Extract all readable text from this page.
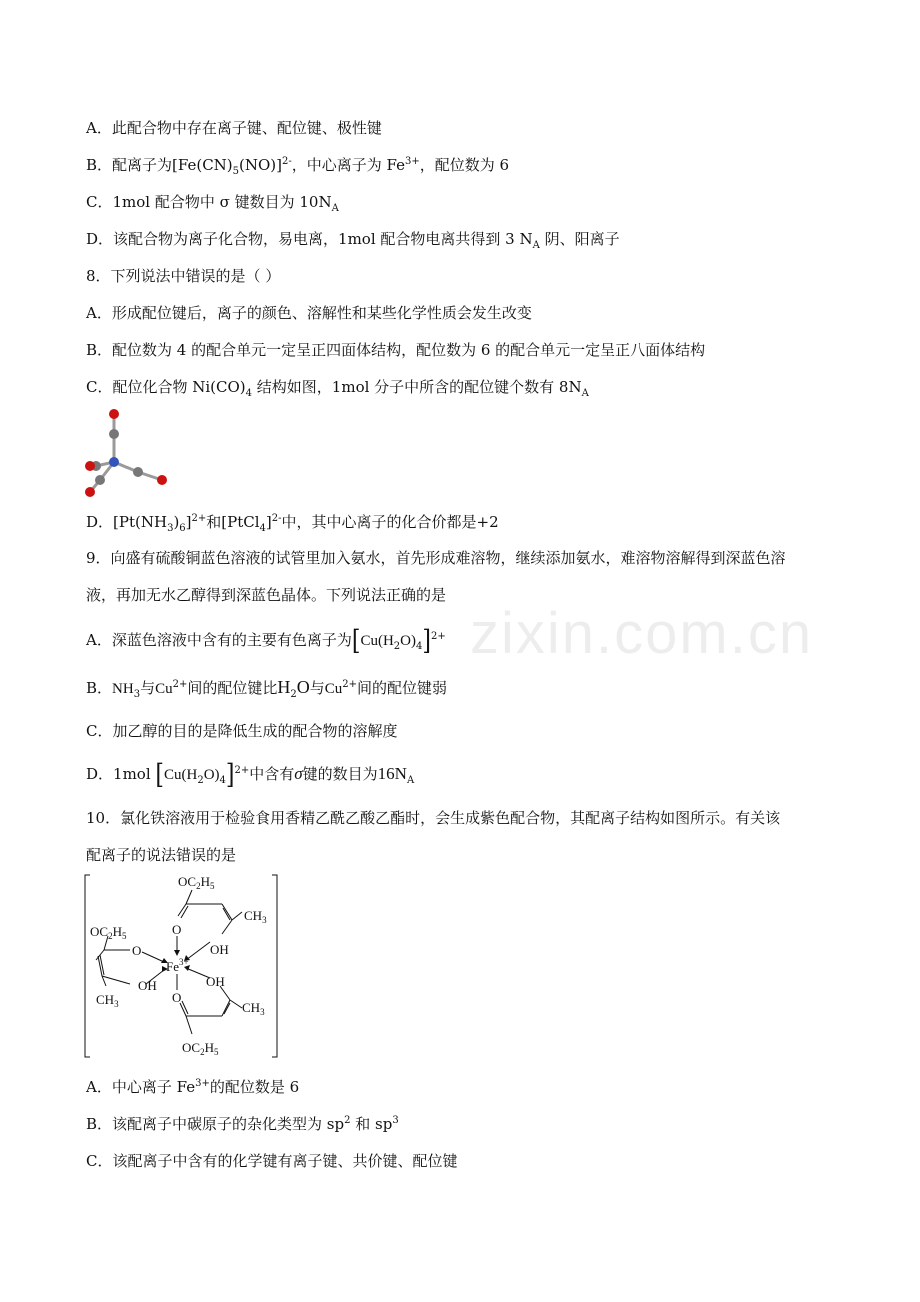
zixin.com.cn
A．此配合物中存在离子键、配位键、极性键
B．配离子为$[Fe(CN)_5(NO)]^{2-}$，中心离子为 $Fe^{3+}$，配位数为 6
C．1mol 配合物中 σ 键数目为 $10N_A$
D．该配合物为离子化合物，易电离，1mol 配合物电离共得到 3 $N_A$ 阴、阳离子
8．下列说法中错误的是（ ）
A．形成配位键后，离子的颜色、溶解性和某些化学性质会发生改变
B．配位数为 4 的配合单元一定呈正四面体结构，配位数为 6 的配合单元一定呈正八面体结构
C．配位化合物 $Ni(CO)_4$ 结构如图，1mol 分子中所含的配位键个数有 $8N_A$
D．$[Pt(NH_3)_6]^{2+}$和[PtCl$_4$]$^{2-}$中，其中心离子的化合价都是+2
9．向盛有硫酸铜蓝色溶液的试管里加入氨水，首先形成难溶物，继续添加氨水，难溶物溶解得到深蓝色溶
液，再加无水乙醇得到深蓝色晶体。下列说法正确的是
A．深蓝色溶液中含有的主要有色离子为$[Cu(H_2O)_4]^{2+}$
B．$NH_3$与$Cu^{2+}$间的配位键比$H_2O$与$Cu^{2+}$间的配位键弱
C．加乙醇的目的是降低生成的配合物的溶解度
D．1mol $[Cu(H_2O)_4]^{2+}$中含有σ键的数目为$16N_A$
10．氯化铁溶液用于检验食用香精乙酰乙酸乙酯时，会生成紫色配合物，其配离子结构如图所示。有关该
配离子的说法错误的是
$OC_2H_5$
$CH_3$
O
OH
$OC_2H_5$
O
$Fe^{3+}$
OH
$CH_3$
OH
O
$CH_3$
$OC_2H_5$
A．中心离子 $Fe^{3+}$的配位数是 6
B．该配离子中碳原子的杂化类型为 $sp^2$ 和 $sp^3$
C．该配离子中含有的化学键有离子键、共价键、配位键
